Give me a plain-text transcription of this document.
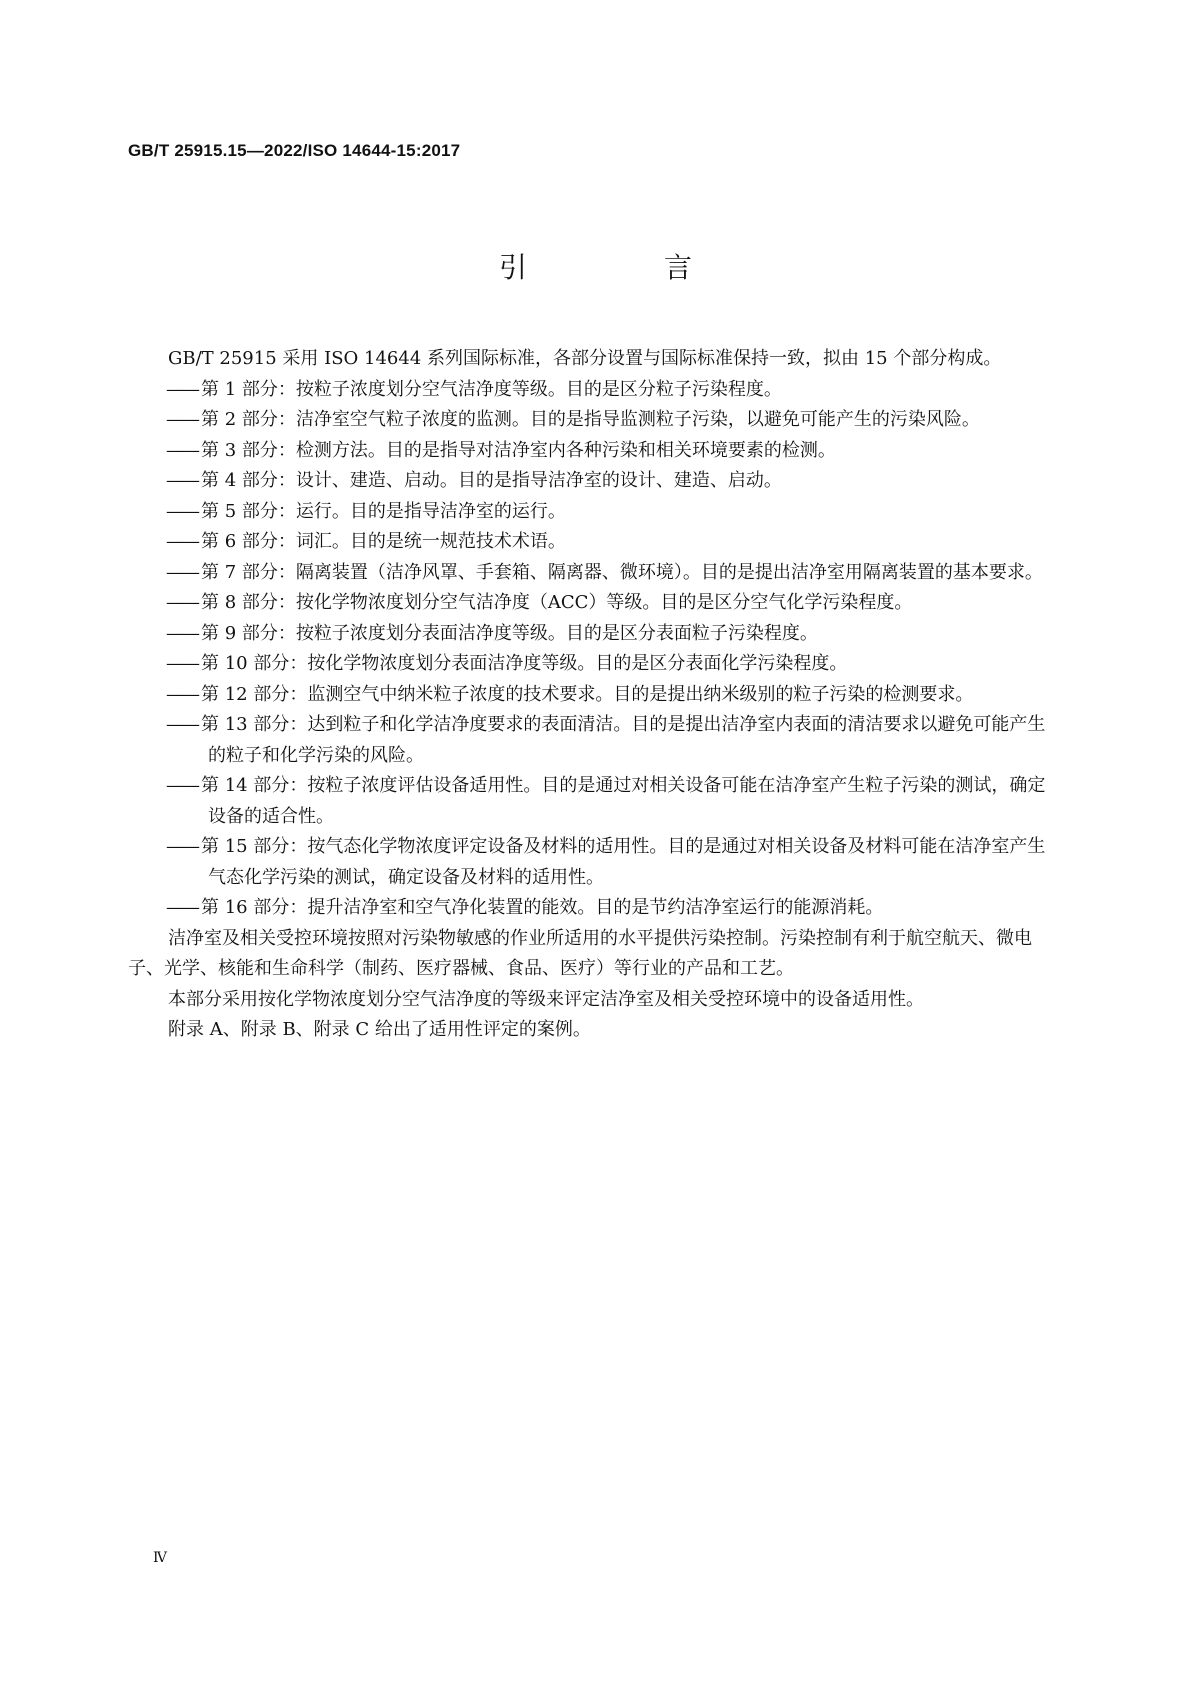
GB/T 25915.15—2022/ISO 14644-15:2017
引 言

GB/T 25915 采用 ISO 14644 系列国际标准，各部分设置与国际标准保持一致，拟由 15 个部分构成。

—— 第 1 部分：按粒子浓度划分空气洁净度等级。目的是区分粒子污染程度。
—— 第 2 部分：洁净室空气粒子浓度的监测。目的是指导监测粒子污染，以避免可能产生的污染风险。
—— 第 3 部分：检测方法。目的是指导对洁净室内各种污染和相关环境要素的检测。
—— 第 4 部分：设计、建造、启动。目的是指导洁净室的设计、建造、启动。
—— 第 5 部分：运行。目的是指导洁净室的运行。
—— 第 6 部分：词汇。目的是统一规范技术术语。
—— 第 7 部分：隔离装置（洁净风罩、手套箱、隔离器、微环境）。目的是提出洁净室用隔离装置的基本要求。
—— 第 8 部分：按化学物浓度划分空气洁净度（ACC）等级。目的是区分空气化学污染程度。
—— 第 9 部分：按粒子浓度划分表面洁净度等级。目的是区分表面粒子污染程度。
—— 第 10 部分：按化学物浓度划分表面洁净度等级。目的是区分表面化学污染程度。
—— 第 12 部分：监测空气中纳米粒子浓度的技术要求。目的是提出纳米级别的粒子污染的检测要求。
—— 第 13 部分：达到粒子和化学洁净度要求的表面清洁。目的是提出洁净室内表面的清洁要求以避免可能产生的粒子和化学污染的风险。
—— 第 14 部分：按粒子浓度评估设备适用性。目的是通过对相关设备可能在洁净室产生粒子污染的测试，确定设备的适合性。
—— 第 15 部分：按气态化学物浓度评定设备及材料的适用性。目的是通过对相关设备及材料可能在洁净室产生气态化学污染的测试，确定设备及材料的适用性。
—— 第 16 部分：提升洁净室和空气净化装置的能效。目的是节约洁净室运行的能源消耗。

洁净室及相关受控环境按照对污染物敏感的作业所适用的水平提供污染控制。污染控制有利于航空航天、微电子、光学、核能和生命科学（制药、医疗器械、食品、医疗）等行业的产品和工艺。

本部分采用按化学物浓度划分空气洁净度的等级来评定洁净室及相关受控环境中的设备适用性。

附录 A、附录 B、附录 C 给出了适用性评定的案例。

Ⅳ
